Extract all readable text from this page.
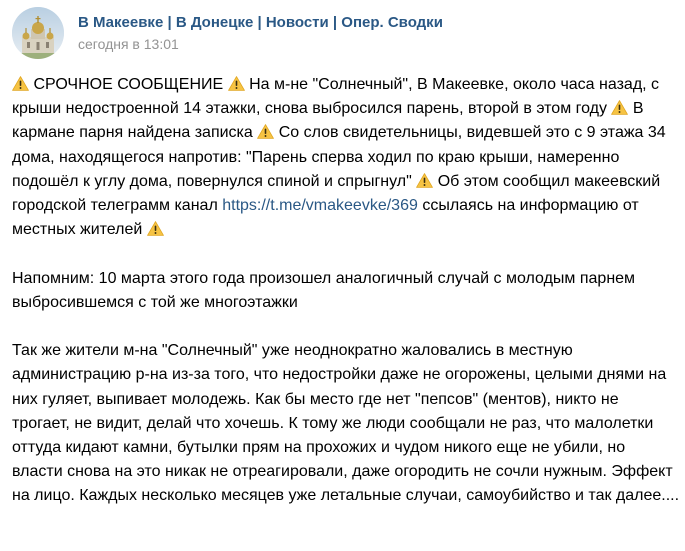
В Макеевке | В Донецке | Новости | Опер. Сводки
сегодня в 13:01

СРОЧНОЕ СООБЩЕНИЕ
На м-не "Солнечный", В Макеевке, около часа назад, с крыши недостроенной 14 этажки, снова выбросился парень, второй в этом году
В кармане парня найдена записка
Со слов свидетельницы, видевшей это с 9 этажа 34 дома, находящегося напротив: "Парень сперва ходил по краю крыши, намеренно подошёл к углу дома, повернулся спиной и спрыгнул"
Об этом сообщил макеевский городской телеграмм канал https://t.me/vmakeevke/369 ссылаясь на информацию от местных жителей

Напомним: 10 марта этого года произошел аналогичный случай с молодым парнем выбросившемся с той же многоэтажки

Так же жители м-на "Солнечный" уже неоднократно жаловались в местную администрацию р-на из-за того, что недостройки даже не огорожены, целыми днями на них гуляет, выпивает молодежь. Как бы место где нет "пепсов" (ментов), никто не трогает, не видит, делай что хочешь. К тому же люди сообщали не раз, что малолетки оттуда кидают камни, бутылки прям на прохожих и чудом никого еще не убили, но власти снова на это никак не отреагировали, даже огородить не сочли нужным. Эффект на лицо. Каждых несколько месяцев уже летальные случаи, самоубийство и так далее....
